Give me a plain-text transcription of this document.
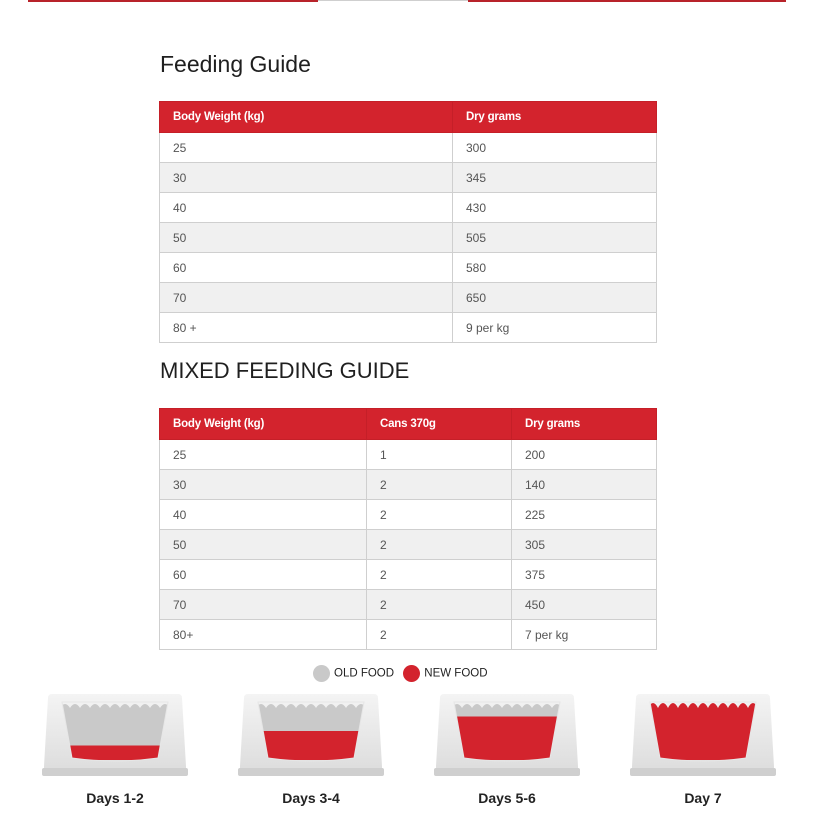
Feeding Guide
Body Weight (kg)	Dry grams
25	300
30	345
40	430
50	505
60	580
70	650
80 +	9 per kg
MIXED FEEDING GUIDE
Body Weight (kg)	Cans 370g	Dry grams
25	1	200
30	2	140
40	2	225
50	2	305
60	2	375
70	2	450
80+	2	7 per kg
OLD FOOD	NEW FOOD
Days 1-2	Days 3-4	Days 5-6	Day 7
